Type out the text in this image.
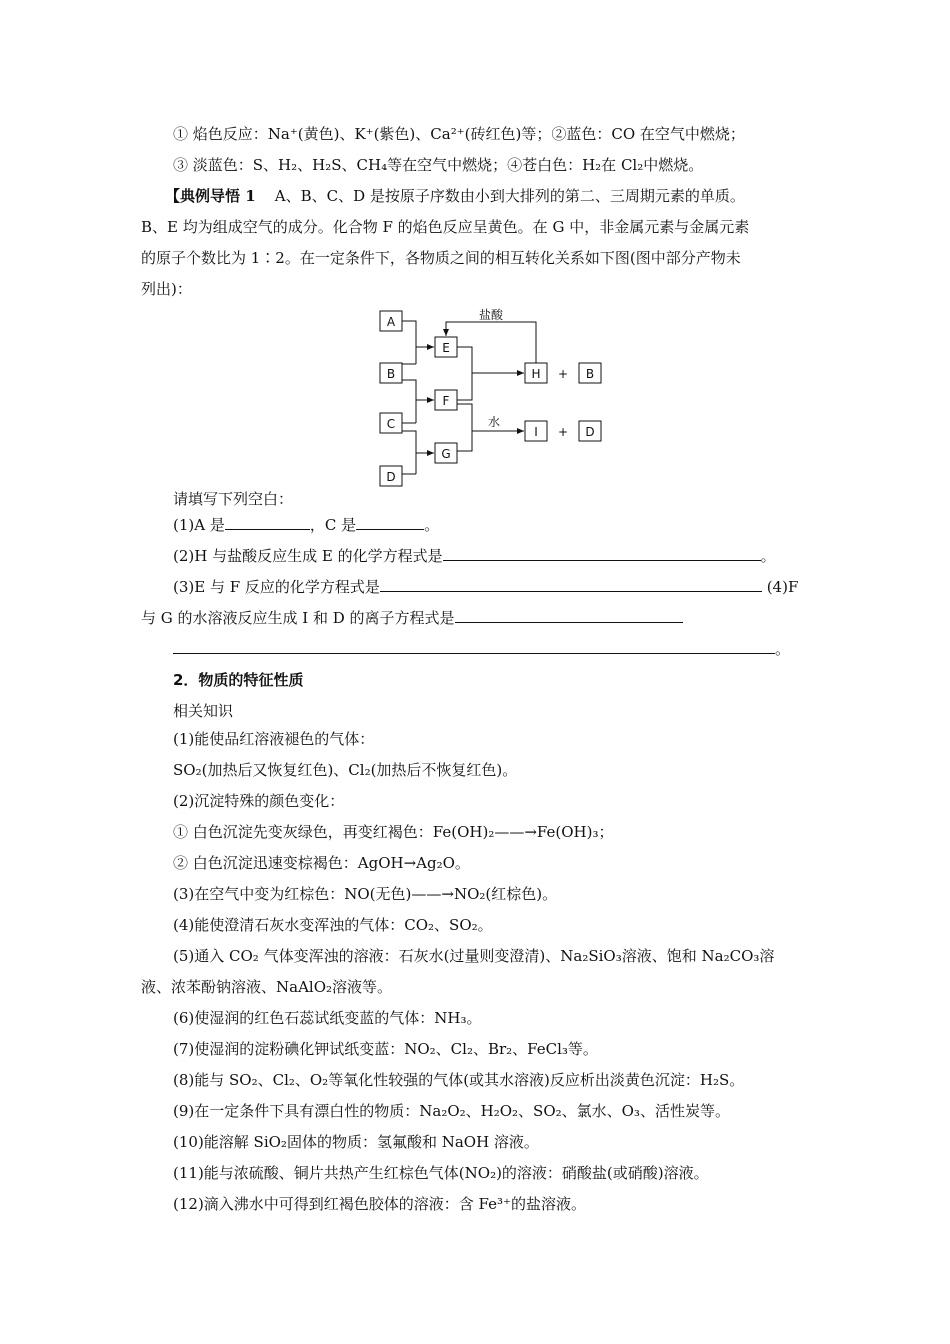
① 焰色反应：Na⁺(黄色)、K⁺(紫色)、Ca²⁺(砖红色)等；②蓝色：CO 在空气中燃烧；
③ 淡蓝色：S、H₂、H₂S、CH₄等在空气中燃烧；④苍白色：H₂在 Cl₂中燃烧。
【典例导悟 1 A、B、C、D 是按原子序数由小到大排列的第二、三周期元素的单质。
B、E 均为组成空气的成分。化合物 F 的焰色反应呈黄色。在 G 中，非金属元素与金属元素
的原子个数比为 1∶2。在一定条件下，各物质之间的相互转化关系如下图(图中部分产物未
列出)：
A
B
C
D
E
F
G
H	B
I	D
+
+
盐酸
水
请填写下列空白：
(1)A 是	，C 是	。
(2)H 与盐酸反应生成 E 的化学方程式是	。
(3)E 与 F 反应的化学方程式是	(4)F
与 G 的水溶液反应生成 I 和 D 的离子方程式是
。
2．物质的特征性质
相关知识
(1)能使品红溶液褪色的气体：
SO₂(加热后又恢复红色)、Cl₂(加热后不恢复红色)。
(2)沉淀特殊的颜色变化：
① 白色沉淀先变灰绿色，再变红褐色：Fe(OH)₂——→Fe(OH)₃；
② 白色沉淀迅速变棕褐色：AgOH→Ag₂O。
(3)在空气中变为红棕色：NO(无色)——→NO₂(红棕色)。
(4)能使澄清石灰水变浑浊的气体：CO₂、SO₂。
(5)通入 CO₂ 气体变浑浊的溶液：石灰水(过量则变澄清)、Na₂SiO₃溶液、饱和 Na₂CO₃溶
液、浓苯酚钠溶液、NaAlO₂溶液等。
(6)使湿润的红色石蕊试纸变蓝的气体：NH₃。
(7)使湿润的淀粉碘化钾试纸变蓝：NO₂、Cl₂、Br₂、FeCl₃等。
(8)能与 SO₂、Cl₂、O₂等氧化性较强的气体(或其水溶液)反应析出淡黄色沉淀：H₂S。
(9)在一定条件下具有漂白性的物质：Na₂O₂、H₂O₂、SO₂、氯水、O₃、活性炭等。
(10)能溶解 SiO₂固体的物质：氢氟酸和 NaOH 溶液。
(11)能与浓硫酸、铜片共热产生红棕色气体(NO₂)的溶液：硝酸盐(或硝酸)溶液。
(12)滴入沸水中可得到红褐色胶体的溶液：含 Fe³⁺的盐溶液。
